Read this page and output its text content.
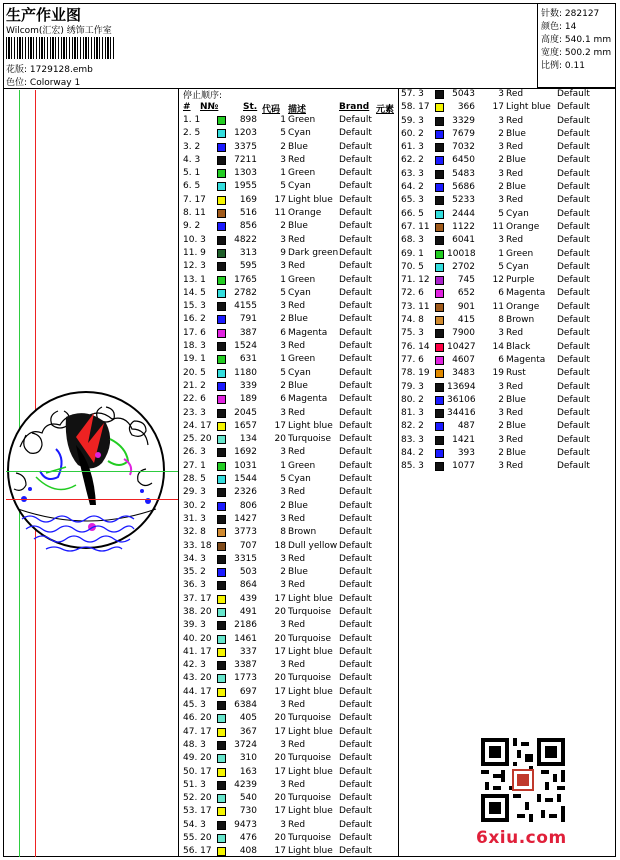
生产作业图
Wilcom(汇宏) 绣饰工作室
花版: 1729128.emb
色位: Colorway 1
针数: 282127
颜色: 14
高度: 540.1 mm
宽度: 500.2 mm
比例: 0.11
停止顺序:
# N№	St. 代码 描述	Brand 元素
1. 1	898	1 Green	Default
2. 5	1203	5 Cyan	Default
3. 2	3375	2 Blue	Default
4. 3	7211	3 Red	Default
5. 1	1303	1 Green	Default
6. 5	1955	5 Cyan	Default
7. 17	169	17 Light blue Default
8. 11	516	11 Orange Default
9. 2	856	2 Blue	Default
10. 3	4822	3 Red	Default
11. 9	313	9 Dark green Default
12. 3	595	3 Red	Default
13. 1	1765	1 Green	Default
14. 5	2782	5 Cyan	Default
15. 3	4155	3 Red	Default
16. 2	791	2 Blue	Default
17. 6	387	6 Magenta Default
18. 3	1524	3 Red	Default
19. 1	631	1 Green	Default
20. 5	1180	5 Cyan	Default
21. 2	339	2 Blue	Default
22. 6	189	6 Magenta Default
23. 3	2045	3 Red	Default
24. 17	1657	17 Light blue Default
25. 20	134	20 Turquoise Default
26. 3	1692	3 Red	Default
27. 1	1031	1 Green	Default
28. 5	1544	5 Cyan	Default
29. 3	2326	3 Red	Default
30. 2	806	2 Blue	Default
31. 3	1427	3 Red	Default
32. 8	3773	8 Brown	Default
33. 18	707	18 Dull yellow Default
34. 3	3315	3 Red	Default
35. 2	503	2 Blue	Default
36. 3	864	3 Red	Default
37. 17	439	17 Light blue Default
38. 20	491	20 Turquoise Default
39. 3	2186	3 Red	Default
40. 20	1461	20 Turquoise Default
41. 17	337	17 Light blue Default
42. 3	3387	3 Red	Default
43. 20	1773	20 Turquoise Default
44. 17	697	17 Light blue Default
45. 3	6384	3 Red	Default
46. 20	405	20 Turquoise Default
47. 17	367	17 Light blue Default
48. 3	3724	3 Red	Default
49. 20	310	20 Turquoise Default
50. 17	163	17 Light blue Default
51. 3	4239	3 Red	Default
52. 20	540	20 Turquoise Default
53. 17	730	17 Light blue Default
54. 3	9473	3 Red	Default
55. 20	476	20 Turquoise Default
56. 17	408	17 Light blue Default
57. 3	5043	3 Red	Default
58. 17	366	17 Light blue Default
59. 3	3329	3 Red	Default
60. 2	7679	2 Blue	Default
61. 3	7032	3 Red	Default
62. 2	6450	2 Blue	Default
63. 3	5483	3 Red	Default
64. 2	5686	2 Blue	Default
65. 3	5233	3 Red	Default
66. 5	2444	5 Cyan	Default
67. 11	1122	11 Orange Default
68. 3	6041	3 Red	Default
69. 1	10018	1 Green	Default
70. 5	2702	5 Cyan	Default
71. 12	745	12 Purple	Default
72. 6	652	6 Magenta Default
73. 11	901	11 Orange Default
74. 8	415	8 Brown	Default
75. 3	7900	3 Red	Default
76. 14 10427	14 Black	Default
77. 6	4607	6 Magenta Default
78. 19	3483	19 Rust	Default
79. 3	13694	3 Red	Default
80. 2	36106	2 Blue	Default
81. 3	34416	3 Red	Default
82. 2	487	2 Blue	Default
83. 3	1421	3 Red	Default
84. 2	393	2 Blue	Default
85. 3	1077	3 Red	Default
6xiu.com
